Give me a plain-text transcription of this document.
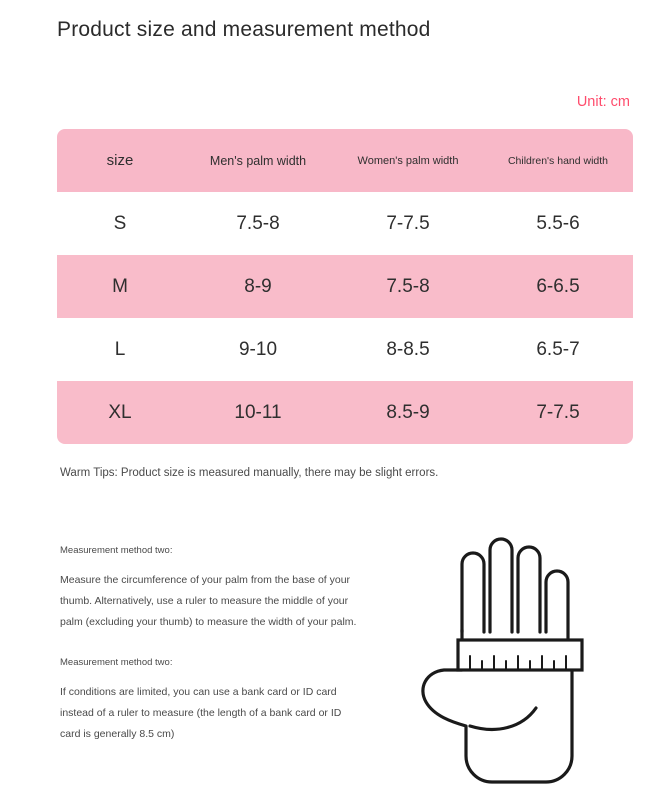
Product size and measurement method
Unit: cm
size	Men's palm width	Women's palm width	Children's hand width
S	7.5-8	7-7.5	5.5-6
M	8-9	7.5-8	6-6.5
L	9-10	8-8.5	6.5-7
XL	10-11	8.5-9	7-7.5
Warm Tips: Product size is measured manually, there may be slight errors.
Measurement method two:
Measure the circumference of your palm from the base of your thumb. Alternatively, use a ruler to measure the middle of your palm (excluding your thumb) to measure the width of your palm.
Measurement method two:
If conditions are limited, you can use a bank card or ID card instead of a ruler to measure (the length of a bank card or ID card is generally 8.5 cm)
